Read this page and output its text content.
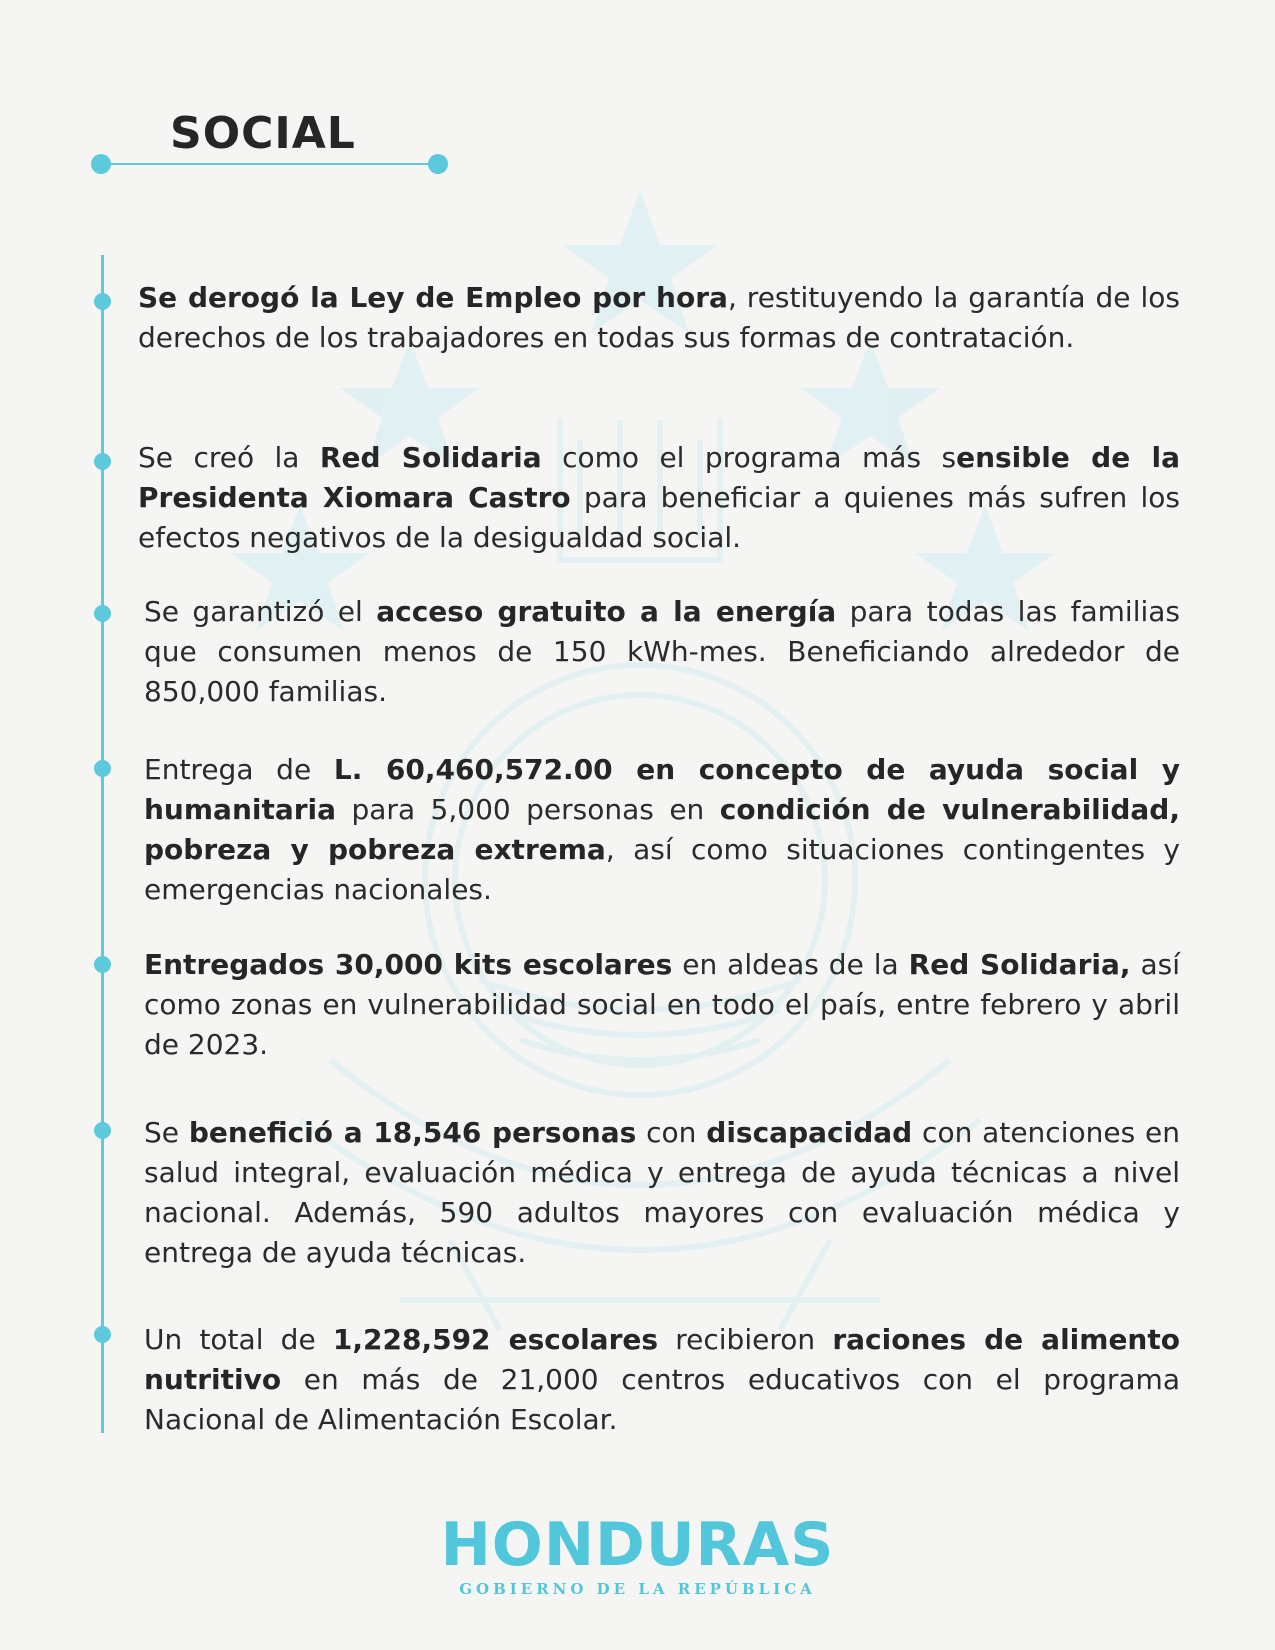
SOCIAL

Se derogó la Ley de Empleo por hora, restituyendo la garantía de los derechos de los trabajadores en todas sus formas de contratación.

Se creó la Red Solidaria como el programa más sensible de la Presidenta Xiomara Castro para beneficiar a quienes más sufren los efectos negativos de la desigualdad social.

Se garantizó el acceso gratuito a la energía para todas las familias que consumen menos de 150 kWh-mes. Beneficiando alrededor de 850,000 familias.

Entrega de L. 60,460,572.00 en concepto de ayuda social y humanitaria para 5,000 personas en condición de vulnerabilidad, pobreza y pobreza extrema, así como situaciones contingentes y emergencias nacionales.

Entregados 30,000 kits escolares en aldeas de la Red Solidaria, así como zonas en vulnerabilidad social en todo el país, entre febrero y abril de 2023.

Se benefició a 18,546 personas con discapacidad con atenciones en salud integral, evaluación médica y entrega de ayuda técnicas a nivel nacional. Además, 590 adultos mayores con evaluación médica y entrega de ayuda técnicas.

Un total de 1,228,592 escolares recibieron raciones de alimento nutritivo en más de 21,000 centros educativos con el programa Nacional de Alimentación Escolar.

HONDURAS
GOBIERNO DE LA REPÚBLICA
